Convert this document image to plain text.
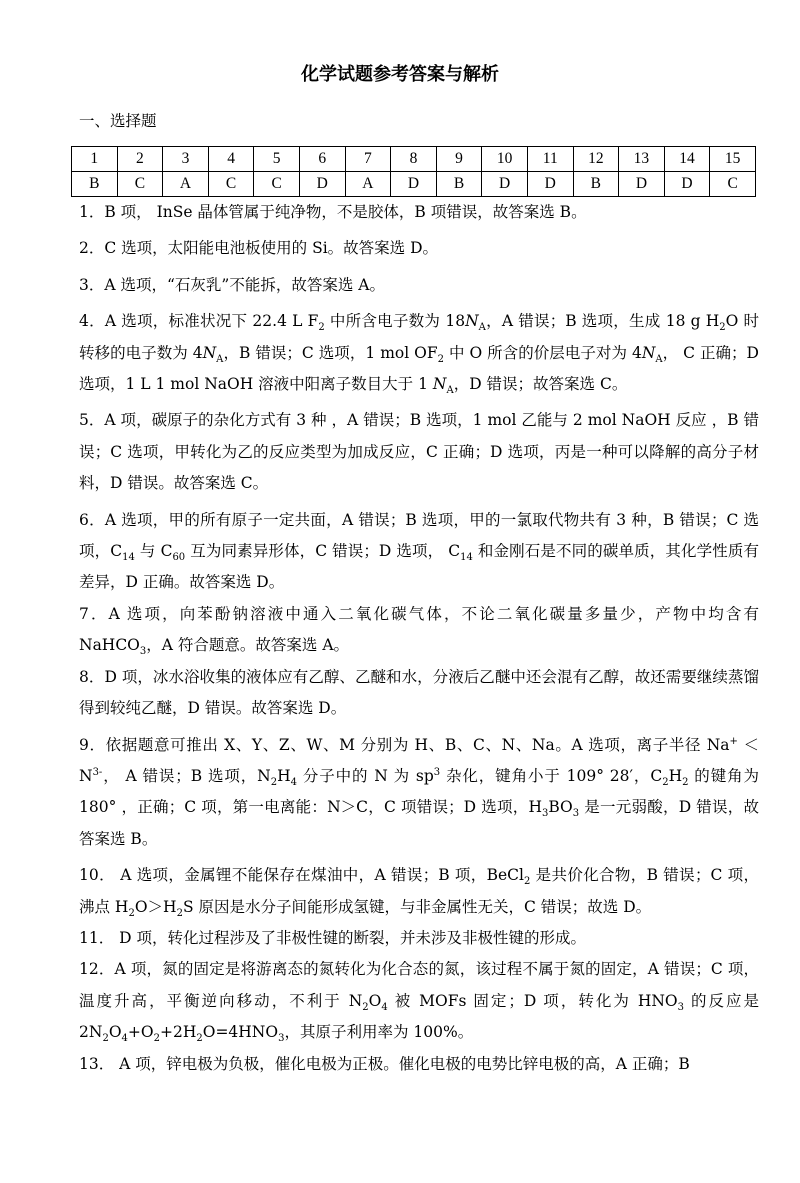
化学试题参考答案与解析
一、选择题
1	2	3	4	5	6	7	8	9	10	11	12	13	14	15
B	C	A	C	C	D	A	D	B	D	D	B	D	D	C

1．B 项， InSe 晶体管属于纯净物，不是胶体，B 项错误，故答案选 B。

2．C 选项，太阳能电池板使用的 Si。故答案选 D。

3．A 选项，“石灰乳”不能拆，故答案选 A。

4．A 选项，标准状况下 22.4 L $F_2$ 中所含电子数为 $18N_A$，A 错误；B 选项，生成 18 g $H_2O$ 时转移的电子数为 $4N_A$，B 错误；C 选项，1 mol $OF_2$ 中 O 所含的价层电子对为 $4N_A$， C 正确；D 选项，1 L 1 mol NaOH 溶液中阳离子数目大于 1 $N_A$，D 错误；故答案选 C。

5．A 项，碳原子的杂化方式有 3 种 ，A 错误；B 选项，1 mol 乙能与 2 mol NaOH 反应 ，B 错误；C 选项，甲转化为乙的反应类型为加成反应，C 正确；D 选项，丙是一种可以降解的高分子材料，D 错误。故答案选 C。

6．A 选项，甲的所有原子一定共面，A 错误；B 选项，甲的一氯取代物共有 3 种，B 错误；C 选项，$C_{14}$ 与 $C_{60}$ 互为同素异形体，C 错误；D 选项， $C_{14}$ 和金刚石是不同的碳单质，其化学性质有差异，D 正确。故答案选 D。

7．A 选项，向苯酚钠溶液中通入二氧化碳气体，不论二氧化碳量多量少，产物中均含有 NaHCO$_3$，A 符合题意。故答案选 A。

8．D 项，冰水浴收集的液体应有乙醇、乙醚和水，分液后乙醚中还会混有乙醇，故还需要继续蒸馏得到较纯乙醚，D 错误。故答案选 D。

9．依据题意可推出 X、Y、Z、W、M 分别为 H、B、C、N、Na。A 选项，离子半径 $Na^+ <N^{3-}$， A 错误；B 选项，$N_2H_4$ 分子中的 N 为 $sp^3$ 杂化，键角小于 109° 28′，$C_2H_2$ 的键角为 180° ，正确；C 项，第一电离能：N＞C，C 项错误；D 选项，$H_3BO_3$ 是一元弱酸，D 错误，故答案选 B。

10． A 选项，金属锂不能保存在煤油中，A 错误；B 项，BeCl$_2$ 是共价化合物，B 错误；C 项，沸点 $H_2O>H_2S$ 原因是水分子间能形成氢键，与非金属性无关，C 错误；故选 D。

11． D 项，转化过程涉及了非极性键的断裂，并未涉及非极性键的形成。

12．A 项，氮的固定是将游离态的氮转化为化合态的氮，该过程不属于氮的固定，A 错误；C 项，温度升高，平衡逆向移动，不利于 $N_2O_4$ 被 MOFs 固定；D 项，转化为 $HNO_3$ 的反应是 $2N_2O_4+O_2+2H_2O=4HNO_3$，其原子利用率为 100%。

13． A 项，锌电极为负极，催化电极为正极。催化电极的电势比锌电极的高，A 正确；B
